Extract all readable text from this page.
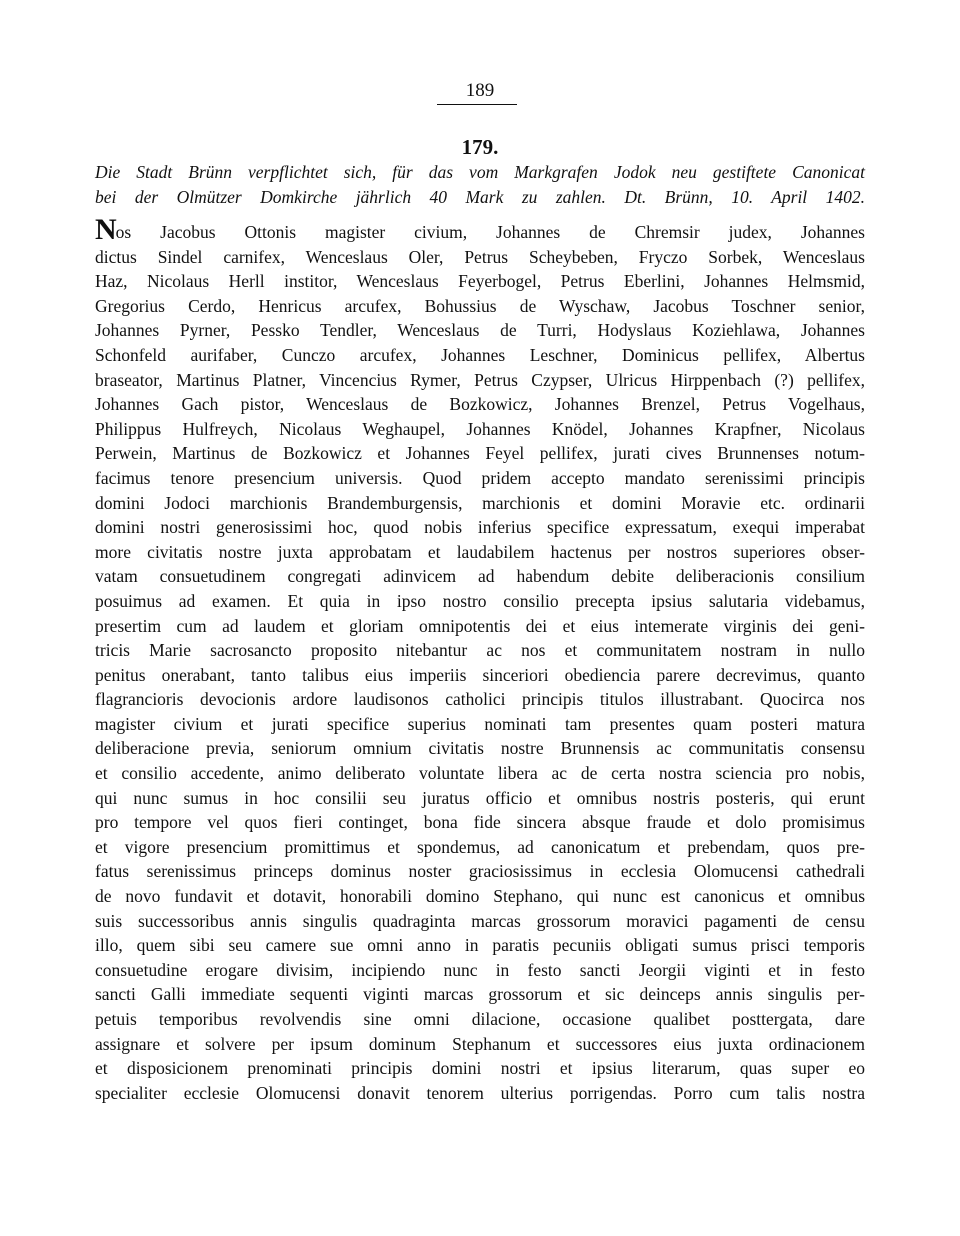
189
179.
Die Stadt Brünn verpflichtet sich, für das vom Markgrafen Jodok neu gestiftete Canonicat
bei der Olmützer Domkirche jährlich 40 Mark zu zahlen. Dt. Brünn, 10. April 1402.
Nos Jacobus Ottonis magister civium, Johannes de Chremsir judex, Johannes
dictus Sindel carnifex, Wenceslaus Oler, Petrus Scheybeben, Fryczo Sorbek, Wenceslaus
Haz, Nicolaus Herll institor, Wenceslaus Feyerbogel, Petrus Eberlini, Johannes Helmsmid,
Gregorius Cerdo, Henricus arcufex, Bohussius de Wyschaw, Jacobus Toschner senior,
Johannes Pyrner, Pessko Tendler, Wenceslaus de Turri, Hodyslaus Koziehlawa, Johannes
Schonfeld aurifaber, Cunczo arcufex, Johannes Leschner, Dominicus pellifex, Albertus
braseator, Martinus Platner, Vincencius Rymer, Petrus Czypser, Ulricus Hirppenbach (?) pellifex,
Johannes Gach pistor, Wenceslaus de Bozkowicz, Johannes Brenzel, Petrus Vogelhaus,
Philippus Hulfreych, Nicolaus Weghaupel, Johannes Knödel, Johannes Krapfner, Nicolaus
Perwein, Martinus de Bozkowicz et Johannes Feyel pellifex, jurati cives Brunnenses notum-
facimus tenore presencium universis. Quod pridem accepto mandato serenissimi principis
domini Jodoci marchionis Brandemburgensis, marchionis et domini Moravie etc. ordinarii
domini nostri generosissimi hoc, quod nobis inferius specifice expressatum, exequi imperabat
more civitatis nostre juxta approbatam et laudabilem hactenus per nostros superiores obser-
vatam consuetudinem congregati adinvicem ad habendum debite deliberacionis consilium
posuimus ad examen. Et quia in ipso nostro consilio precepta ipsius salutaria videbamus,
presertim cum ad laudem et gloriam omnipotentis dei et eius intemerate virginis dei geni-
tricis Marie sacrosancto proposito nitebantur ac nos et communitatem nostram in nullo
penitus onerabant, tanto talibus eius imperiis sinceriori obediencia parere decrevimus, quanto
flagrancioris devocionis ardore laudisonos catholici principis titulos illustrabant. Quocirca nos
magister civium et jurati specifice superius nominati tam presentes quam posteri matura
deliberacione previa, seniorum omnium civitatis nostre Brunnensis ac communitatis consensu
et consilio accedente, animo deliberato voluntate libera ac de certa nostra sciencia pro nobis,
qui nunc sumus in hoc consilii seu juratus officio et omnibus nostris posteris, qui erunt
pro tempore vel quos fieri continget, bona fide sincera absque fraude et dolo promisimus
et vigore presencium promittimus et spondemus, ad canonicatum et prebendam, quos pre-
fatus serenissimus princeps dominus noster graciosissimus in ecclesia Olomucensi cathedrali
de novo fundavit et dotavit, honorabili domino Stephano, qui nunc est canonicus et omnibus
suis successoribus annis singulis quadraginta marcas grossorum moravici pagamenti de censu
illo, quem sibi seu camere sue omni anno in paratis pecuniis obligati sumus prisci temporis
consuetudine erogare divisim, incipiendo nunc in festo sancti Jeorgii viginti et in festo
sancti Galli immediate sequenti viginti marcas grossorum et sic deinceps annis singulis per-
petuis temporibus revolvendis sine omni dilacione, occasione qualibet posttergata, dare
assignare et solvere per ipsum dominum Stephanum et successores eius juxta ordinacionem
et disposicionem prenominati principis domini nostri et ipsius literarum, quas super eo
specialiter ecclesie Olomucensi donavit tenorem ulterius porrigendas. Porro cum talis nostra
